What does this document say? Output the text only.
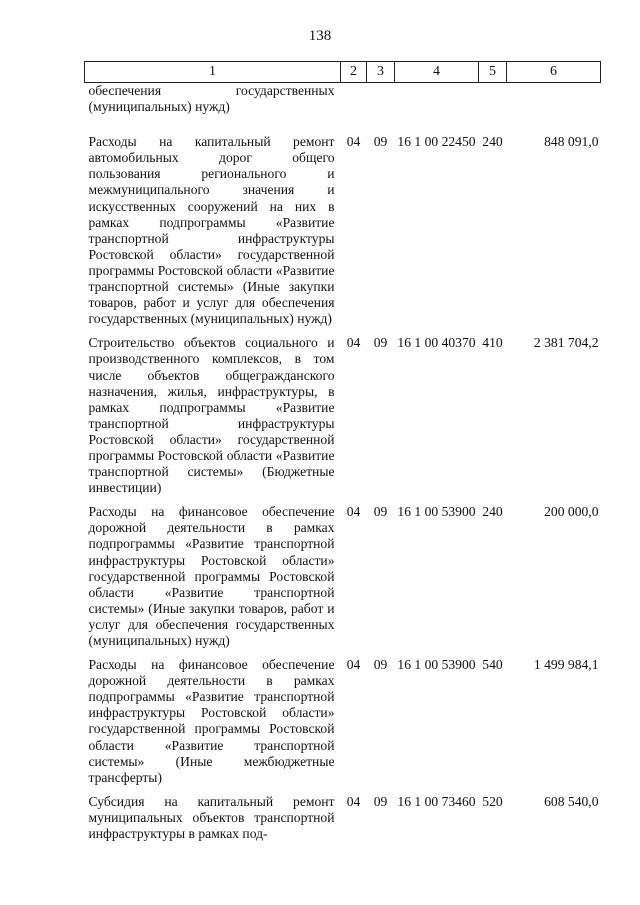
138
1	2	3	4	5	6
обеспечения государственных (муниципальных) нужд)					
Расходы на капитальный ремонт автомобильных дорог общего пользования регионального и межмуниципального значения и искусственных сооружений на них в рамках подпрограммы «Развитие транспортной инфраструктуры Ростовской области» государственной программы Ростовской области «Развитие транспортной системы» (Иные закупки товаров, работ и услуг для обеспечения государственных (муниципальных) нужд)	04	09	16 1 00 22450	240	848 091,0
Строительство объектов социального и производственного комплексов, в том числе объектов общегражданского назначения, жилья, инфраструктуры, в рамках подпрограммы «Развитие транспортной инфраструктуры Ростовской области» государственной программы Ростовской области «Развитие транспортной системы» (Бюджетные инвестиции)	04	09	16 1 00 40370	410	2 381 704,2
Расходы на финансовое обеспечение дорожной деятельности в рамках подпрограммы «Развитие транспортной инфраструктуры Ростовской области» государственной программы Ростовской области «Развитие транспортной системы» (Иные закупки товаров, работ и услуг для обеспечения государственных (муниципальных) нужд)	04	09	16 1 00 53900	240	200 000,0
Расходы на финансовое обеспечение дорожной деятельности в рамках подпрограммы «Развитие транспортной инфраструктуры Ростовской области» государственной программы Ростовской области «Развитие транспортной системы» (Иные межбюджетные трансферты)	04	09	16 1 00 53900	540	1 499 984,1
Субсидия на капитальный ремонт муниципальных объектов транспортной инфраструктуры в рамках под-	04	09	16 1 00 73460	520	608 540,0
